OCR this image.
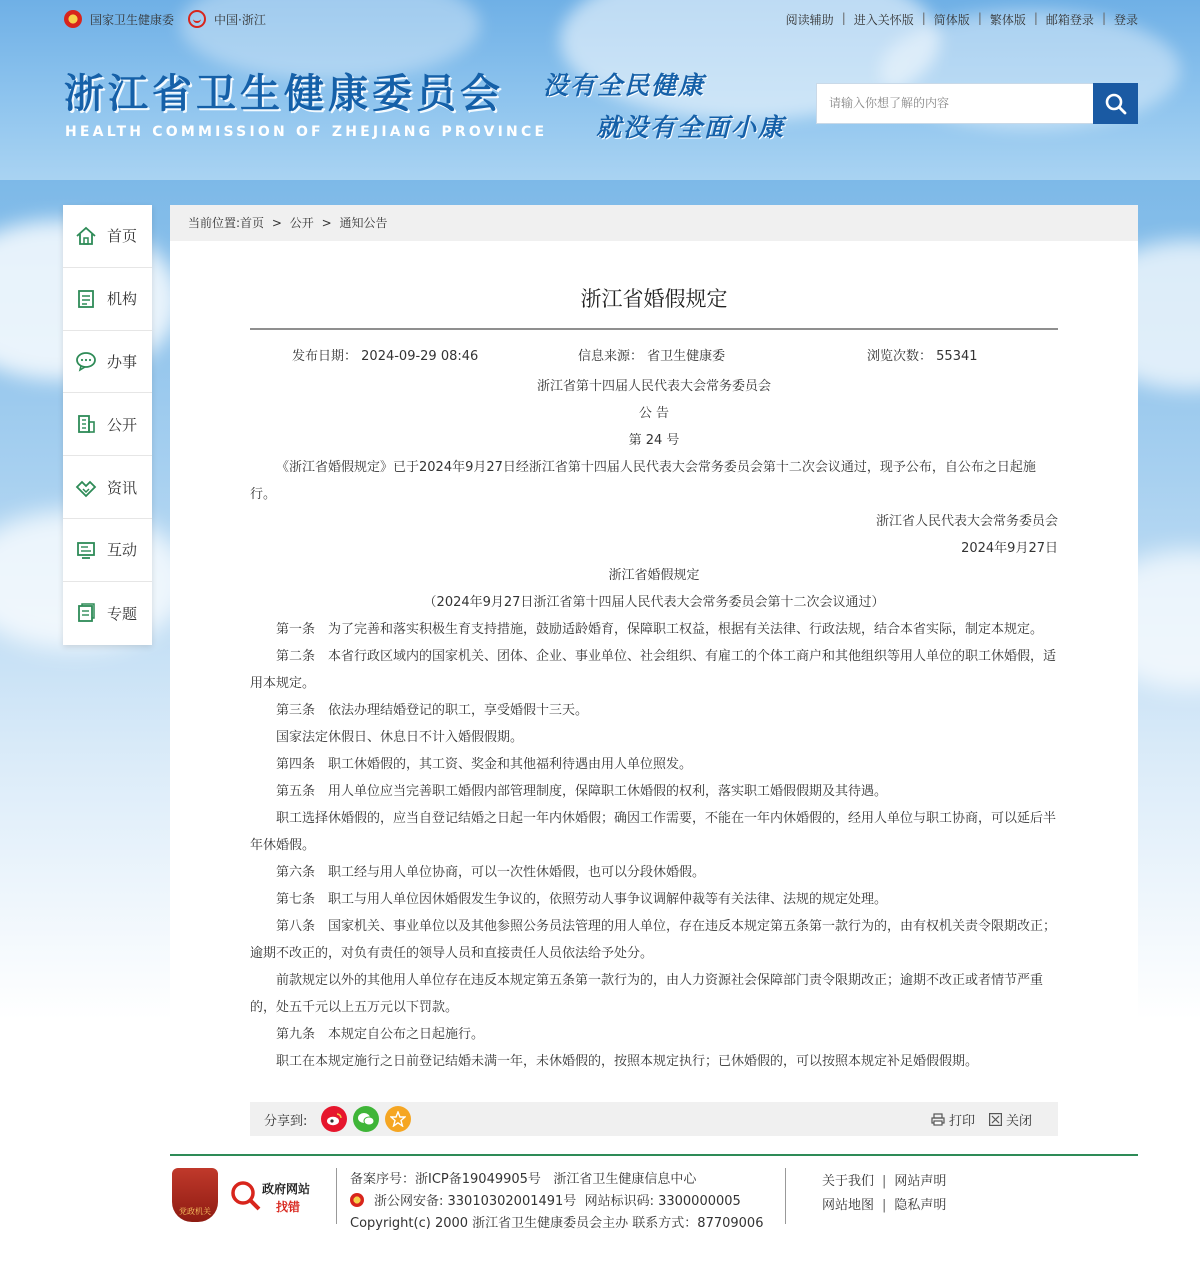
国家卫生健康委	中国·浙江	阅读辅助 | 进入关怀版 | 简体版 | 繁体版 | 邮箱登录 | 登录
浙江省卫生健康委员会
HEALTH COMMISSION OF ZHEJIANG PROVINCE
没有全民健康
就没有全面小康
请输入你想了解的内容
首页
机构
办事
公开
资讯
互动
专题
当前位置:首页 > 公开 > 通知公告
浙江省婚假规定
发布日期： 2024-09-29 08:46	信息来源： 省卫生健康委	浏览次数： 55341

浙江省第十四届人民代表大会常务委员会

公 告

第 24 号

《浙江省婚假规定》已于2024年9月27日经浙江省第十四届人民代表大会常务委员会第十二次会议通过，现予公布，自公布之日起施行。

浙江省人民代表大会常务委员会

2024年9月27日

浙江省婚假规定

（2024年9月27日浙江省第十四届人民代表大会常务委员会第十二次会议通过）

第一条　为了完善和落实积极生育支持措施，鼓励适龄婚育，保障职工权益，根据有关法律、行政法规，结合本省实际，制定本规定。

第二条　本省行政区域内的国家机关、团体、企业、事业单位、社会组织、有雇工的个体工商户和其他组织等用人单位的职工休婚假，适用本规定。

第三条　依法办理结婚登记的职工，享受婚假十三天。

国家法定休假日、休息日不计入婚假假期。

第四条　职工休婚假的，其工资、奖金和其他福利待遇由用人单位照发。

第五条　用人单位应当完善职工婚假内部管理制度，保障职工休婚假的权利，落实职工婚假假期及其待遇。

职工选择休婚假的，应当自登记结婚之日起一年内休婚假；确因工作需要，不能在一年内休婚假的，经用人单位与职工协商，可以延后半年休婚假。

第六条　职工经与用人单位协商，可以一次性休婚假，也可以分段休婚假。

第七条　职工与用人单位因休婚假发生争议的，依照劳动人事争议调解仲裁等有关法律、法规的规定处理。

第八条　国家机关、事业单位以及其他参照公务员法管理的用人单位，存在违反本规定第五条第一款行为的，由有权机关责令限期改正；逾期不改正的，对负有责任的领导人员和直接责任人员依法给予处分。

前款规定以外的其他用人单位存在违反本规定第五条第一款行为的，由人力资源社会保障部门责令限期改正；逾期不改正或者情节严重的，处五千元以上五万元以下罚款。

第九条　本规定自公布之日起施行。

职工在本规定施行之日前登记结婚未满一年，未休婚假的，按照本规定执行；已休婚假的，可以按照本规定补足婚假假期。

分享到:	打印 关闭
党政机关
政府网站
找错
备案序号：浙ICP备19049905号 浙江省卫生健康信息中心
浙公网安备: 33010302001491号
网站标识码: 3300000005
Copyright(c) 2000 浙江省卫生健康委员会主办 联系方式：87709006
关于我们 | 网站声明
网站地图 | 隐私声明
